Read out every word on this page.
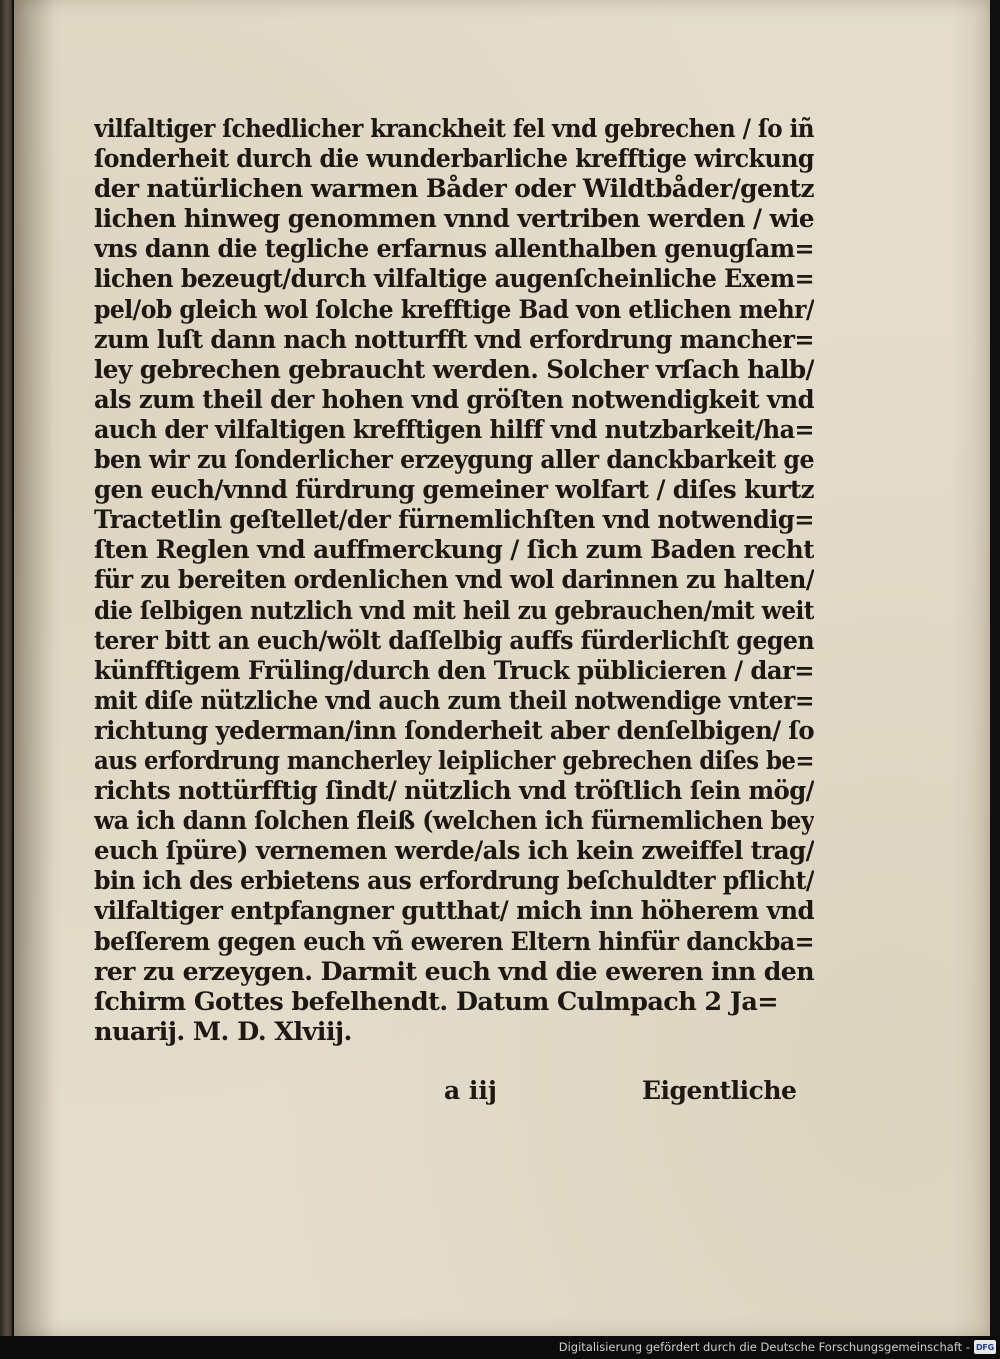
vilfaltiger ſchedlicher kranckheit fel vnd gebrechen / ſo iñ
ſonderheit durch die wunderbarliche krefftige wirckung
der natürlichen warmen Båder oder Wildtbåder/gentz
lichen hinweg genommen vnnd vertriben werden / wie
vns dann die tegliche erfarnus allenthalben genugſam=
lichen bezeugt/durch vilfaltige augenſcheinliche Exem=
pel/ob gleich wol ſolche krefftige Bad von etlichen mehr/
zum luſt dann nach notturfft vnd erfordrung mancher=
ley gebrechen gebraucht werden. Solcher vrſach halb/
als zum theil der hohen vnd gröſten notwendigkeit vnd
auch der vilfaltigen krefftigen hilff vnd nutzbarkeit/ha=
ben wir zu ſonderlicher erzeygung aller danckbarkeit ge
gen euch/vnnd fürdrung gemeiner wolfart / diſes kurtz
Tractetlin geſtellet/der fürnemlichſten vnd notwendig=
ſten Reglen vnd auffmerckung / ſich zum Baden recht
für zu bereiten ordenlichen vnd wol darinnen zu halten/
die ſelbigen nutzlich vnd mit heil zu gebrauchen/mit weit
terer bitt an euch/wölt daſſelbig auffs fürderlichſt gegen
künfftigem Früling/durch den Truck püblicieren / dar=
mit diſe nützliche vnd auch zum theil notwendige vnter=
richtung yederman/inn ſonderheit aber denſelbigen/ ſo
aus erfordrung mancherley leiplicher gebrechen diſes be=
richts nottürfftig ſindt/ nützlich vnd tröſtlich ſein mög/
wa ich dann ſolchen fleiß (welchen ich fürnemlichen bey
euch ſpüre) vernemen werde/als ich kein zweiffel trag/
bin ich des erbietens aus erfordrung beſchuldter pflicht/
vilfaltiger entpfangner gutthat/ mich inn höherem vnd
beſſerem gegen euch vñ eweren Eltern hinfür danckba=
rer zu erzeygen. Darmit euch vnd die eweren inn den
ſchirm Gottes befelhendt. Datum Culmpach 2 Ja=
nuarij. M. D. Xlviij.
a iij	Eigentliche
Digitalisierung gefördert durch die Deutsche Forschungsgemeinschaft - DFG
